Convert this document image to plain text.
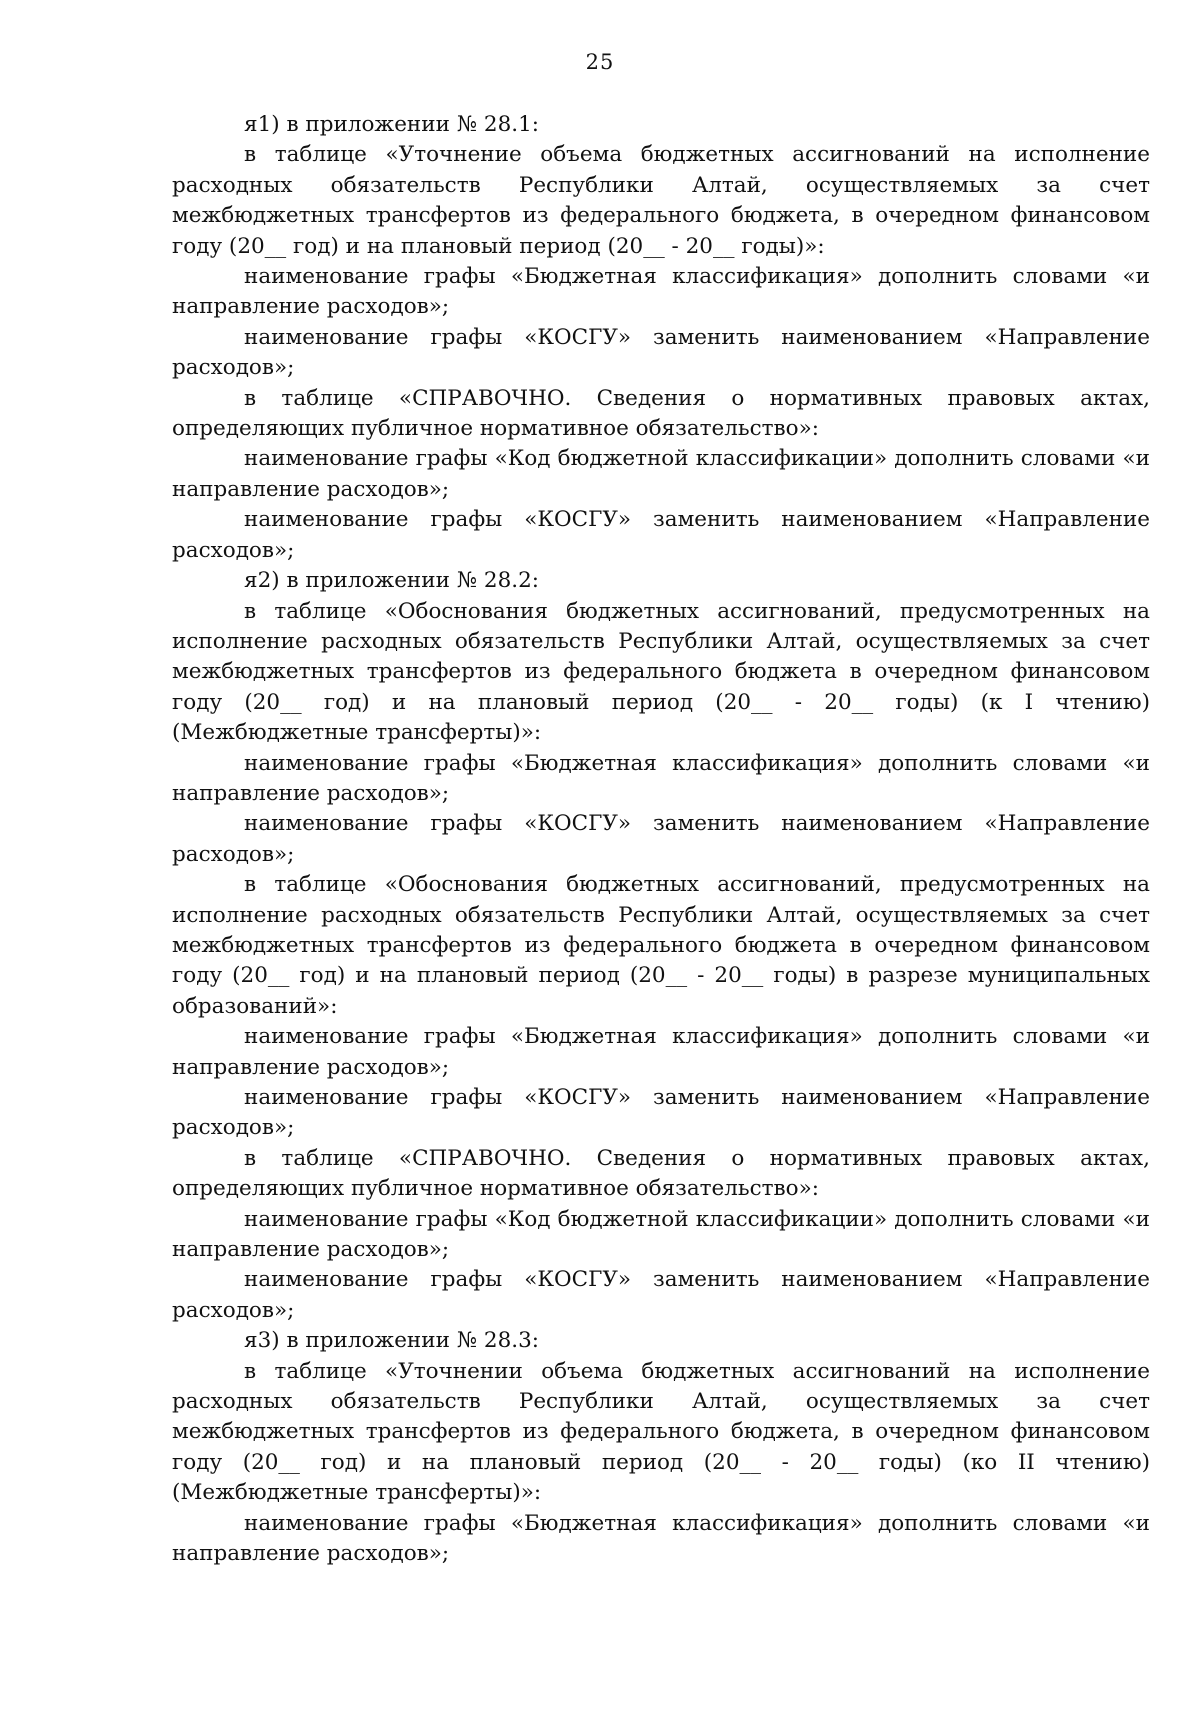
25

я1) в приложении № 28.1:

в таблице «Уточнение объема бюджетных ассигнований на исполнение расходных обязательств Республики Алтай, осуществляемых за счет межбюджетных трансфертов из федерального бюджета, в очередном финансовом году (20__ год) и на плановый период (20__ - 20__ годы)»:

наименование графы «Бюджетная классификация» дополнить словами «и направление расходов»;

наименование графы «КОСГУ» заменить наименованием «Направление расходов»;

в таблице «СПРАВОЧНО. Сведения о нормативных правовых актах, определяющих публичное нормативное обязательство»:

наименование графы «Код бюджетной классификации» дополнить словами «и направление расходов»;

наименование графы «КОСГУ» заменить наименованием «Направление расходов»;

я2) в приложении № 28.2:

в таблице «Обоснования бюджетных ассигнований, предусмотренных на исполнение расходных обязательств Республики Алтай, осуществляемых за счет межбюджетных трансфертов из федерального бюджета в очередном финансовом году (20__ год) и на плановый период (20__ - 20__ годы) (к I чтению) (Межбюджетные трансферты)»:

наименование графы «Бюджетная классификация» дополнить словами «и направление расходов»;

наименование графы «КОСГУ» заменить наименованием «Направление расходов»;

в таблице «Обоснования бюджетных ассигнований, предусмотренных на исполнение расходных обязательств Республики Алтай, осуществляемых за счет межбюджетных трансфертов из федерального бюджета в очередном финансовом году (20__ год) и на плановый период (20__ - 20__ годы) в разрезе муниципальных образований»:

наименование графы «Бюджетная классификация» дополнить словами «и направление расходов»;

наименование графы «КОСГУ» заменить наименованием «Направление расходов»;

в таблице «СПРАВОЧНО. Сведения о нормативных правовых актах, определяющих публичное нормативное обязательство»:

наименование графы «Код бюджетной классификации» дополнить словами «и направление расходов»;

наименование графы «КОСГУ» заменить наименованием «Направление расходов»;

я3) в приложении № 28.3:

в таблице «Уточнении объема бюджетных ассигнований на исполнение расходных обязательств Республики Алтай, осуществляемых за счет межбюджетных трансфертов из федерального бюджета, в очередном финансовом году (20__ год) и на плановый период (20__ - 20__ годы) (ко II чтению) (Межбюджетные трансферты)»:

наименование графы «Бюджетная классификация» дополнить словами «и направление расходов»;
